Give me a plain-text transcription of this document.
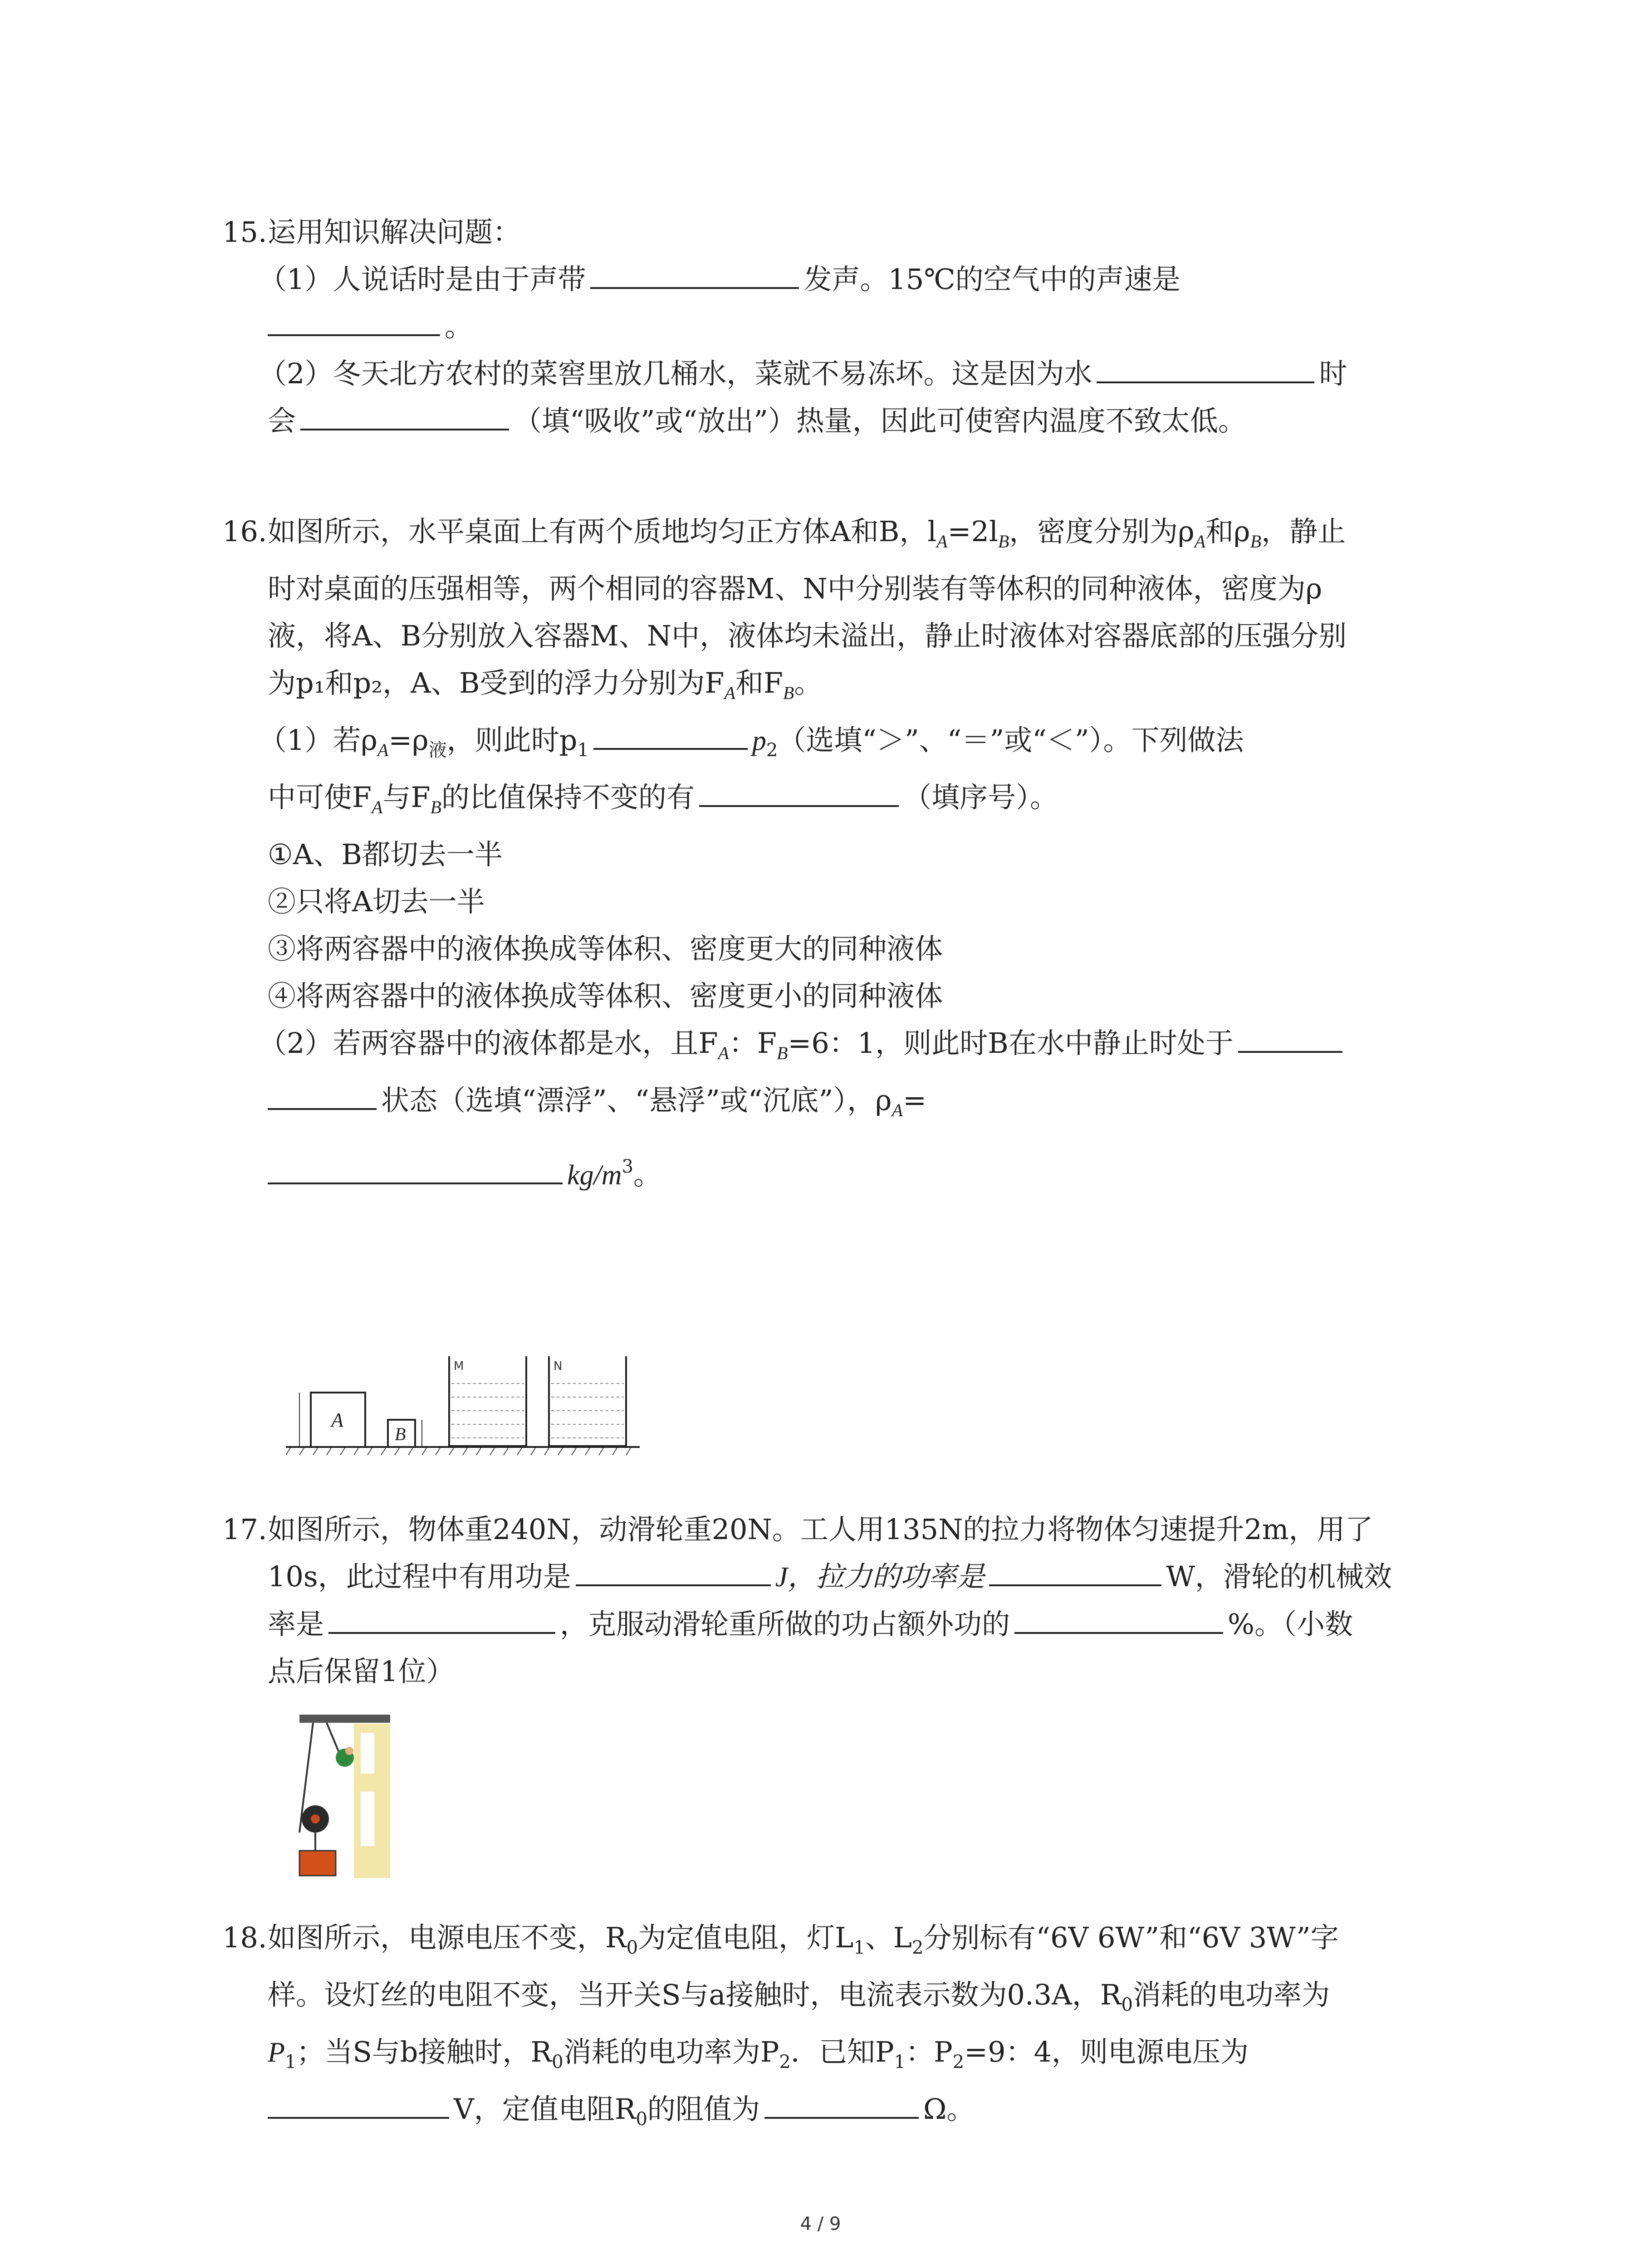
15.运用知识解决问题：
（1）人说话时是由于声带	发声。15℃的空气中的声速是
。
（2）冬天北方农村的菜窖里放几桶水，菜就不易冻坏。这是因为水	时
会	（填“吸收”或“放出”）热量，因此可使窖内温度不致太低。
16.如图所示，水平桌面上有两个质地均匀正方体A和B，$l_A=2l_B$，密度分别为$\rho_A$和$\rho_B$，静止
时对桌面的压强相等，两个相同的容器M、N中分别装有等体积的同种液体，密度为ρ
液，将A、B分别放入容器M、N中，液体均未溢出，静止时液体对容器底部的压强分别
为p₁和p₂，A、B受到的浮力分别为$F_A$和$F_B$。
（1）若$\rho_A=\rho_液$，则此时$p_1$	$p_2$（选填“＞”、“＝”或“＜”）。下列做法
中可使$F_A$与$F_B$的比值保持不变的有	（填序号）。
①A、B都切去一半
②只将A切去一半
③将两容器中的液体换成等体积、密度更大的同种液体
④将两容器中的液体换成等体积、密度更小的同种液体
（2）若两容器中的液体都是水，且$F_A$：$F_B=6$：1，则此时B在水中静止时处于
状态（选填“漂浮”、“悬浮”或“沉底”），$\rho_A=$
$kg/m^3$。
A
B
M	N
17.如图所示，物体重240N，动滑轮重20N。工人用135N的拉力将物体匀速提升2m，用了
10s，此过程中有用功是	J，拉力的功率是	W，滑轮的机械效
率是	，克服动滑轮重所做的功占额外功的	%。（小数
点后保留1位）
18.如图所示，电源电压不变，$R_0$为定值电阻，灯$L_1$、$L_2$分别标有“6V 6W”和“6V 3W”字
样。设灯丝的电阻不变，当开关S与a接触时，电流表示数为0.3A，$R_0$消耗的电功率为
$P_1$；当S与b接触时，$R_0$消耗的电功率为$P_2$．已知$P_1$：$P_2=9$：4，则电源电压为
V，定值电阻$R_0$的阻值为	Ω。
4 / 9
